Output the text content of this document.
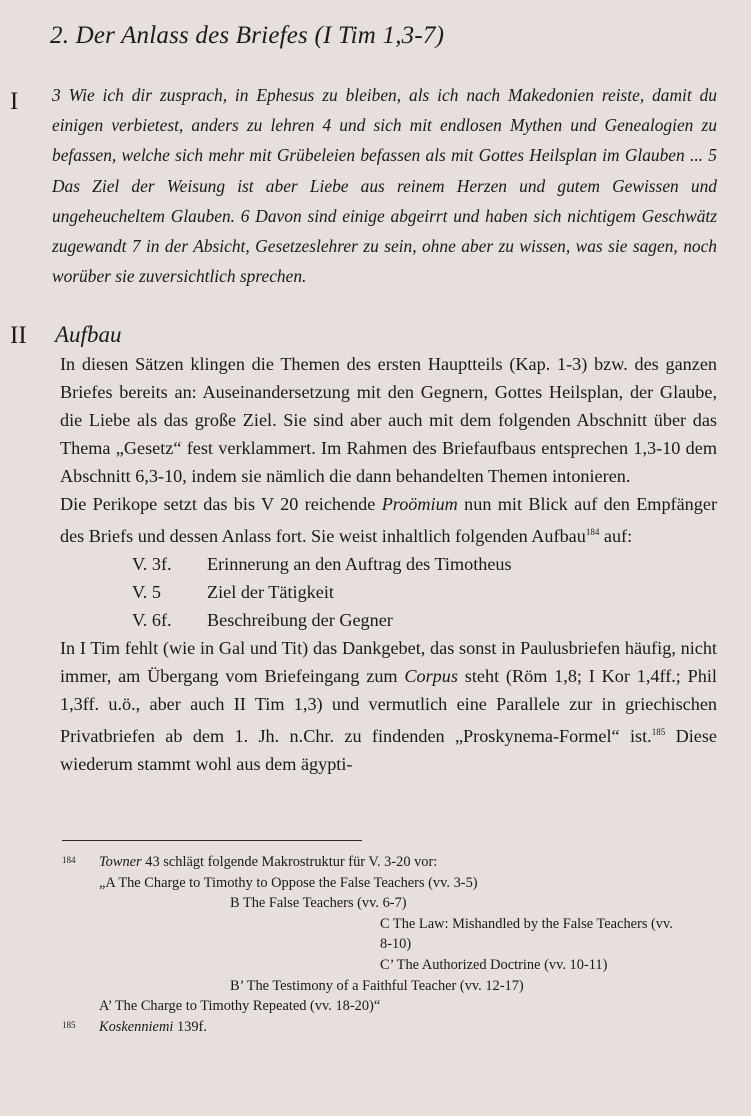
2. Der Anlass des Briefes (I Tim 1,3-7)
I 3 Wie ich dir zusprach, in Ephesus zu bleiben, als ich nach Makedonien reiste, damit du einigen verbietest, anders zu lehren 4 und sich mit endlosen Mythen und Genealogien zu befassen, welche sich mehr mit Grübeleien befassen als mit Gottes Heilsplan im Glauben ... 5 Das Ziel der Weisung ist aber Liebe aus reinem Herzen und gutem Gewissen und ungeheucheltem Glauben. 6 Davon sind einige abgeirrt und haben sich nichtigem Geschwätz zugewandt 7 in der Absicht, Gesetzeslehrer zu sein, ohne aber zu wissen, was sie sagen, noch worüber sie zuversichtlich sprechen.

II Aufbau

In diesen Sätzen klingen die Themen des ersten Hauptteils (Kap. 1-3) bzw. des ganzen Briefes bereits an: Auseinandersetzung mit den Gegnern, Gottes Heilsplan, der Glaube, die Liebe als das große Ziel. Sie sind aber auch mit dem folgenden Abschnitt über das Thema „Gesetz“ fest verklammert. Im Rahmen des Briefaufbaus entsprechen 1,3-10 dem Abschnitt 6,3-10, indem sie nämlich die dann behandelten Themen intonieren.

Die Perikope setzt das bis V 20 reichende Proömium nun mit Blick auf den Empfänger des Briefs und dessen Anlass fort. Sie weist inhaltlich folgenden Aufbau$^{184}$ auf:

V. 3f.	Erinnerung an den Auftrag des Timotheus
V. 5	Ziel der Tätigkeit
V. 6f.	Beschreibung der Gegner

In I Tim fehlt (wie in Gal und Tit) das Dankgebet, das sonst in Paulusbriefen häufig, nicht immer, am Übergang vom Briefeingang zum Corpus steht (Röm 1,8; I Kor 1,4ff.; Phil 1,3ff. u.ö., aber auch II Tim 1,3) und vermutlich eine Parallele zur in griechischen Privatbriefen ab dem 1. Jh. n.Chr. zu findenden „Proskynema-Formel“ ist.$^{185}$ Diese wiederum stammt wohl aus dem ägypti-

184	Towner 43 schlägt folgende Makrostruktur für V. 3-20 vor:
„A The Charge to Timothy to Oppose the False Teachers (vv. 3-5)
B The False Teachers (vv. 6-7)
C The Law: Mishandled by the False Teachers (vv.
8-10)
C’ The Authorized Doctrine (vv. 10-11)
B’ The Testimony of a Faithful Teacher (vv. 12-17)
A’ The Charge to Timothy Repeated (vv. 18-20)“
185	Koskenniemi 139f.
